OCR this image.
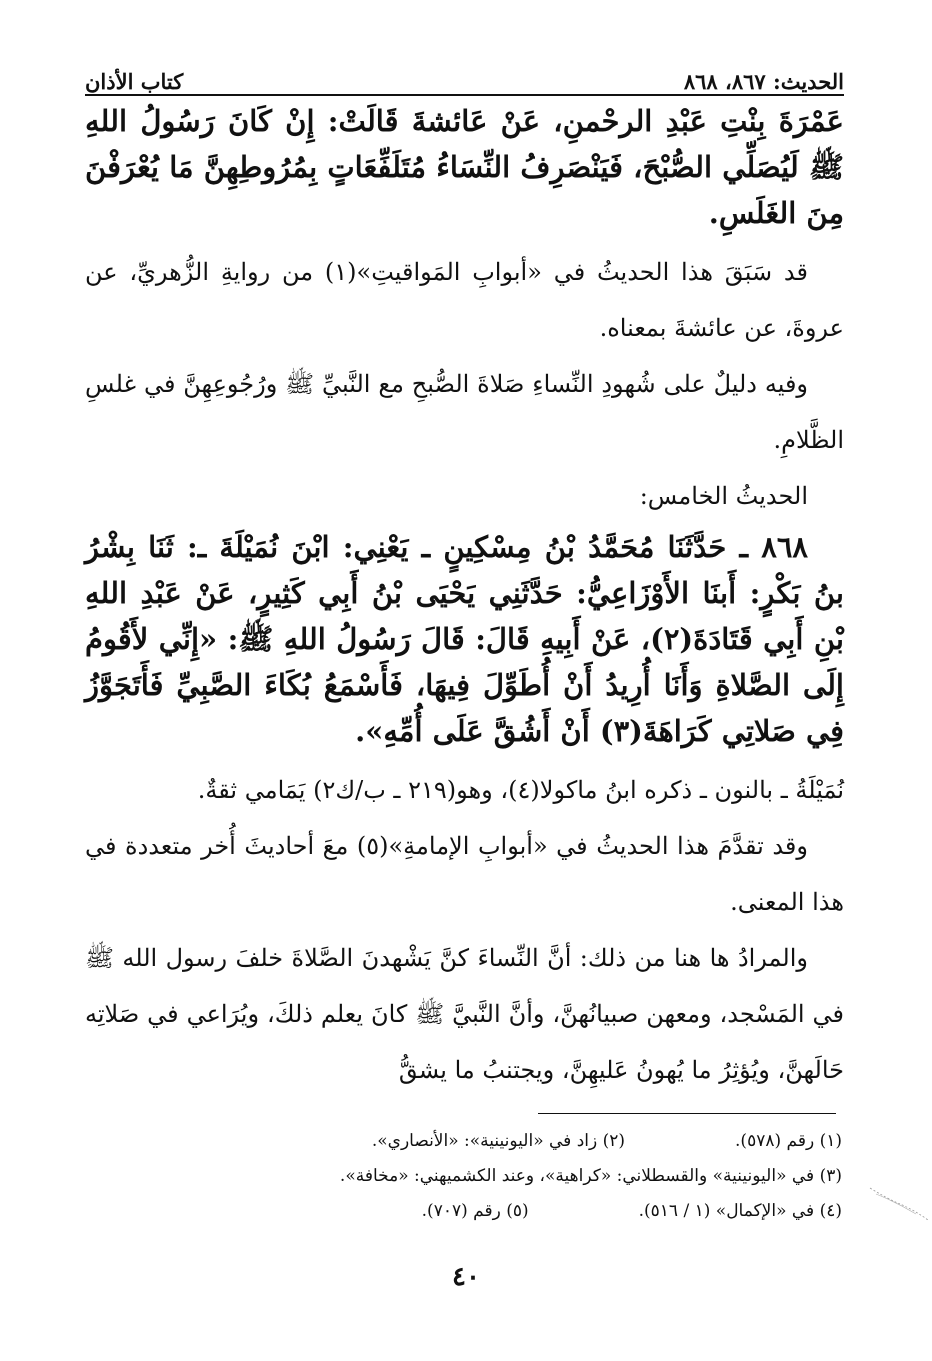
الحديث: ٨٦٧، ٨٦٨
كتاب الأذان

عَمْرَةَ بِنْتِ عَبْدِ الرحْمنِ، عَنْ عَائشةَ قَالَتْ: إِنْ كَانَ رَسُولُ اللهِ ﷺ لَيُصَلِّي الصُّبْحَ، فَيَنْصَرِفُ النِّسَاءُ مُتَلَفِّعَاتٍ بِمُرُوطِهِنَّ مَا يُعْرَفْنَ مِنَ الغَلَسِ.

قد سَبَقَ هذا الحديثُ في «أبوابِ المَواقيتِ»(١) من روايةِ الزُّهريِّ، عن عروةَ، عن عائشةَ بمعناه.

وفيه دليلٌ على شُهودِ النِّساءِ صَلاةَ الصُّبحِ مع النَّبيِّ ﷺ ورُجُوعِهِنَّ في غلسِ الظَّلامِ.

الحديثُ الخامس:

٨٦٨ ـ حَدَّثَنَا مُحَمَّدُ بْنُ مِسْكِينٍ ـ يَعْنِي: ابْنَ نُمَيْلَةَ ـ: ثَنَا بِشْرُ بنُ بَكْرٍ: أَبنَا الأَوْزَاعِيُّ: حَدَّثَنِي يَحْيَى بْنُ أَبِي كَثِيرٍ، عَنْ عَبْدِ اللهِ بْنِ أَبِي قَتَادَةَ(٢)، عَنْ أَبِيهِ قَالَ: قَالَ رَسُولُ اللهِ ﷺ: «إِنِّي لأَقُومُ إِلَى الصَّلاةِ وَأَنَا أُرِيدُ أَنْ أُطَوِّلَ فِيهَا، فَأَسْمَعُ بُكَاءَ الصَّبِيِّ فَأَتَجَوَّزُ فِي صَلاتِي كَرَاهَةَ(٣) أَنْ أَشُقَّ عَلَى أُمِّهِ».

نُمَيْلَةُ ـ بالنون ـ ذكره ابنُ ماكولا(٤)، وهو(٢١٩ ـ ب/ك٢) يَمَامي ثقةٌ.

وقد تقدَّمَ هذا الحديثُ في «أبوابِ الإمامةِ»(٥) معَ أحاديثَ أُخر متعددة في هذا المعنى.

والمرادُ ها هنا من ذلك: أنَّ النِّساءَ كنَّ يَشْهدنَ الصَّلاةَ خلفَ رسول الله ﷺ في المَسْجد، ومعهن صبيانُهنَّ، وأنَّ النَّبيَّ ﷺ كانَ يعلم ذلكَ، ويُرَاعي في صَلاتِه حَالَهنَّ، ويُؤثِرُ ما يُهونُ عَليهِنَّ، ويجتنبُ ما يشقُّ

(١) رقم (٥٧٨).
(٢) زاد في «اليونينية»: «الأنصاري».
(٣) في «اليونينية» والقسطلاني: «كراهية»، وعند الكشميهني: «مخافة».
(٤) في «الإكمال» (١ / ٥١٦).
(٥) رقم (٧٠٧).
٤٠
